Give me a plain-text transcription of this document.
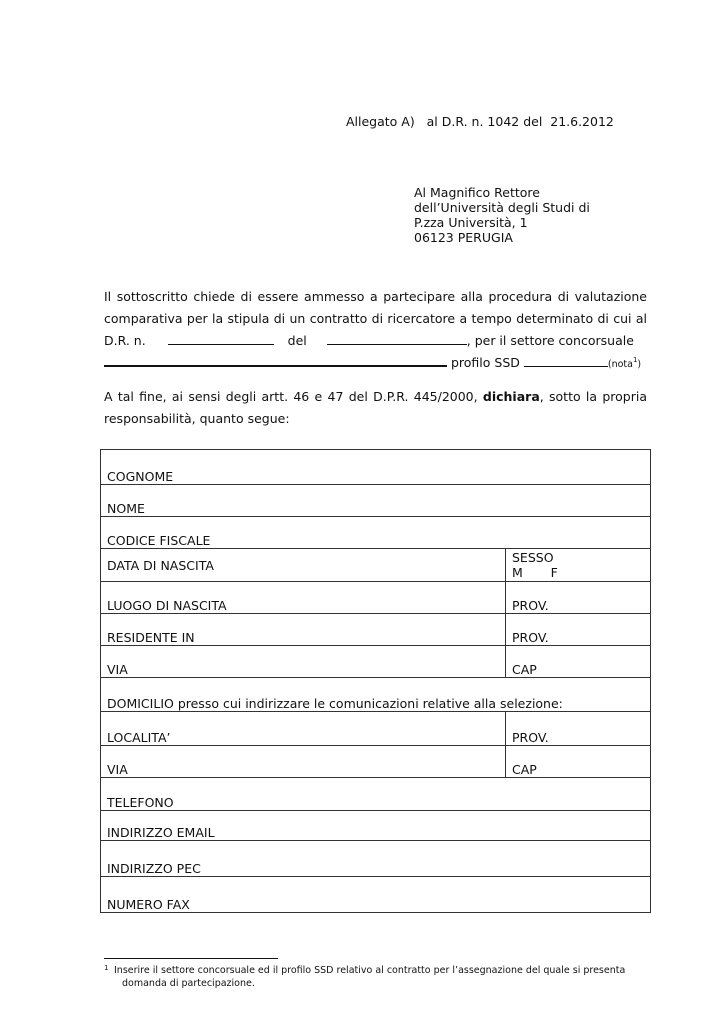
Allegato A)   al D.R. n. 1042 del  21.6.2012
Al Magnifico Rettore
dell’Università degli Studi di
P.zza Università, 1
06123 PERUGIA
Il sottoscritto chiede di essere ammesso a partecipare alla procedura di valutazione
comparativa per la stipula di un contratto di ricercatore a tempo determinato di cui al
D.R. n.	del	, per il settore concorsuale
profilo SSD	(nota$^1$)
A tal fine, ai sensi degli artt. 46 e 47 del D.P.R. 445/2000, dichiara, sotto la propria responsabilità, quanto segue:
COGNOME	
NOME	
CODICE FISCALE	
DATA DI NASCITA	SESSO
M       F

LUOGO DI NASCITA	PROV.
RESIDENTE IN	PROV.
VIA	CAP
DOMICILIO presso cui indirizzare le comunicazioni relative alla selezione:	
LOCALITA’	PROV.
VIA	CAP
TELEFONO	
INDIRIZZO EMAIL	
INDIRIZZO PEC	
NUMERO FAX	
1 Inserire il settore concorsuale ed il profilo SSD relativo al contratto per l’assegnazione del quale si presenta
domanda di partecipazione.
